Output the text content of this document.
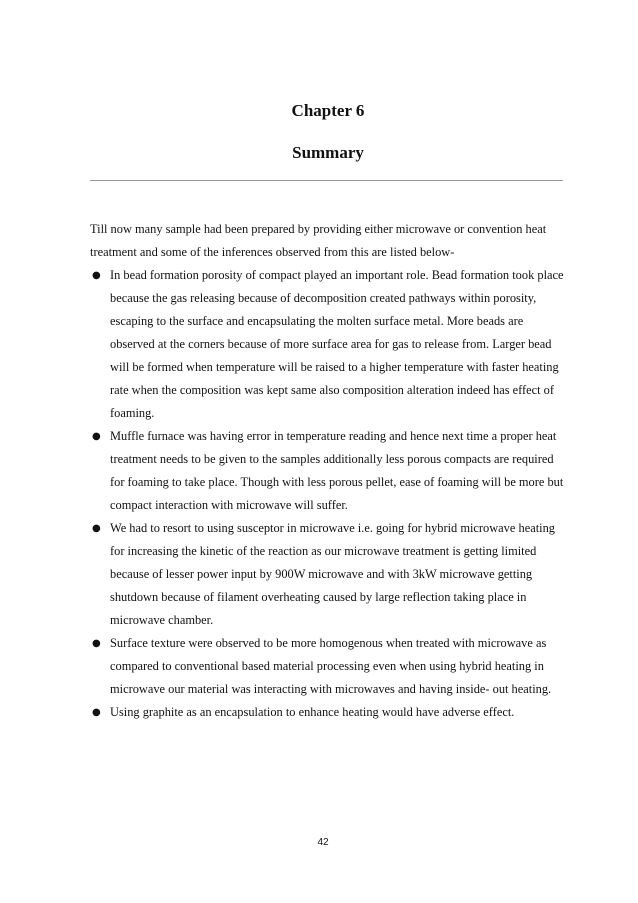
Chapter 6
Summary

Till now many sample had been prepared by providing either microwave or convention heat treatment and some of the inferences observed from this are listed below-

● In bead formation porosity of compact played an important role. Bead formation took place because the gas releasing because of decomposition created pathways within porosity, escaping to the surface and encapsulating the molten surface metal. More beads are observed at the corners because of more surface area for gas to release from. Larger bead will be formed when temperature will be raised to a higher temperature with faster heating rate when the composition was kept same also composition alteration indeed has effect of foaming.
● Muffle furnace was having error in temperature reading and hence next time a proper heat treatment needs to be given to the samples additionally less porous compacts are required for foaming to take place. Though with less porous pellet, ease of foaming will be more but compact interaction with microwave will suffer.
● We had to resort to using susceptor in microwave i.e. going for hybrid microwave heating for increasing the kinetic of the reaction as our microwave treatment is getting limited because of lesser power input by 900W microwave and with 3kW microwave getting shutdown because of filament overheating caused by large reflection taking place in microwave chamber.
● Surface texture were observed to be more homogenous when treated with microwave as compared to conventional based material processing even when using hybrid heating in microwave our material was interacting with microwaves and having inside- out heating.
● Using graphite as an encapsulation to enhance heating would have adverse effect.
42
